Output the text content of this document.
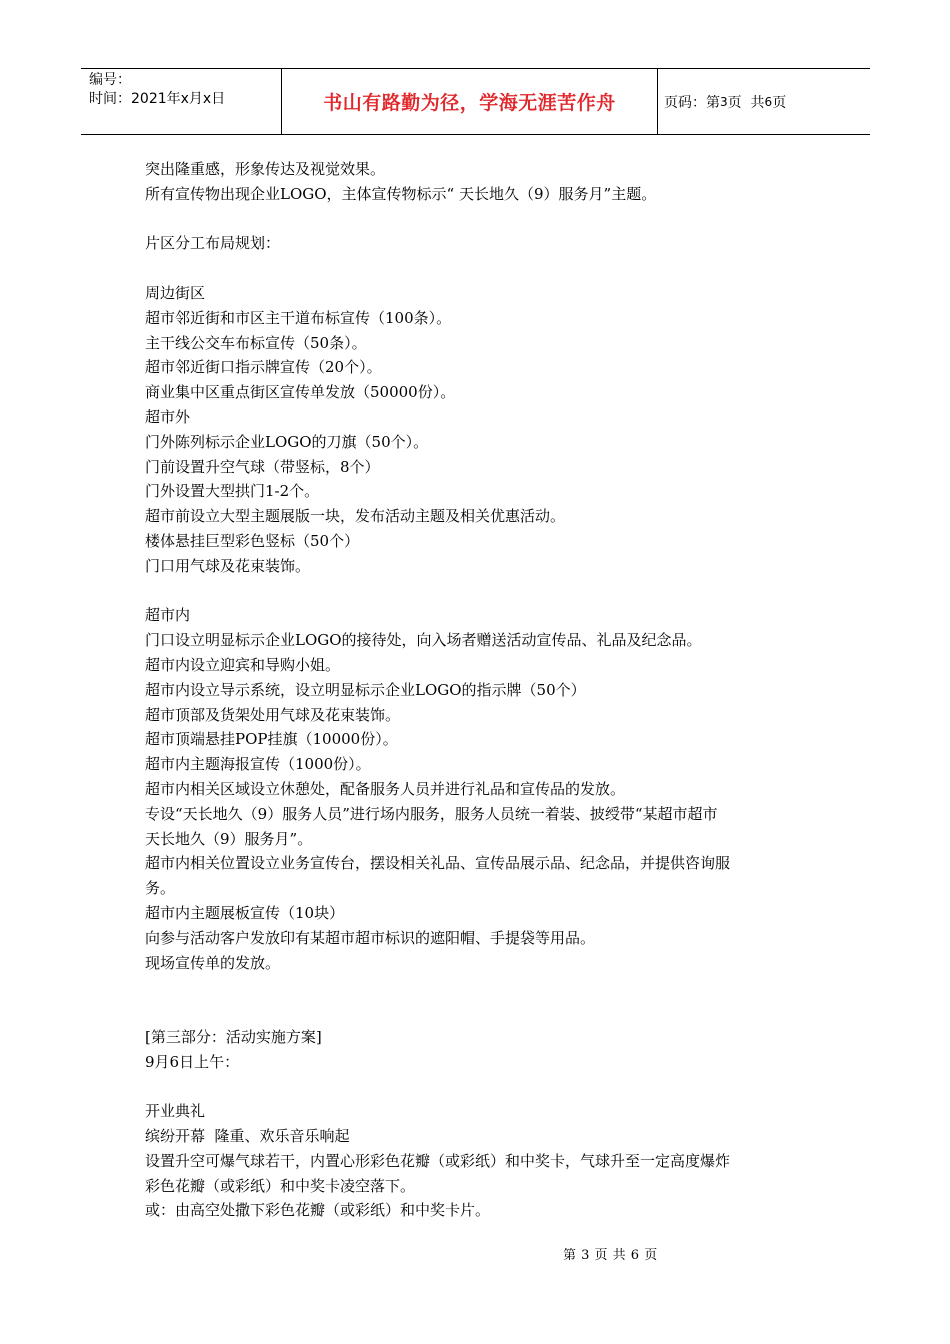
编号：
时间：2021年x月x日	书山有路勤为径，学海无涯苦作舟	页码：第 3 页  共 6 页
突出隆重感，形象传达及视觉效果。
所有宣传物出现企业LOGO，主体宣传物标示“ 天长地久（9）服务月”主题。
片区分工布局规划：
周边街区
超市邻近街和市区主干道布标宣传（100条）。
主干线公交车布标宣传（50条）。
超市邻近街口指示牌宣传（20个）。
商业集中区重点街区宣传单发放（50000份）。
超市外
门外陈列标示企业LOGO的刀旗（50个）。
门前设置升空气球（带竖标，8个）
门外设置大型拱门1-2个。
超市前设立大型主题展版一块，发布活动主题及相关优惠活动。
楼体悬挂巨型彩色竖标（50个）
门口用气球及花束装饰。
超市内
门口设立明显标示企业LOGO的接待处，向入场者赠送活动宣传品、礼品及纪念品。
超市内设立迎宾和导购小姐。
超市内设立导示系统，设立明显标示企业LOGO的指示牌（50个）
超市顶部及货架处用气球及花束装饰。
超市顶端悬挂POP挂旗（10000份）。
超市内主题海报宣传（1000份）。
超市内相关区域设立休憩处，配备服务人员并进行礼品和宣传品的发放。
专设“天长地久（9）服务人员”进行场内服务，服务人员统一着装、披绶带“某超市超市
天长地久（9）服务月”。
超市内相关位置设立业务宣传台，摆设相关礼品、宣传品展示品、纪念品，并提供咨询服
务。
超市内主题展板宣传（10块）
向参与活动客户发放印有某超市超市标识的遮阳帽、手提袋等用品。
现场宣传单的发放。
[第三部分：活动实施方案]
9月6日上午：
开业典礼
缤纷开幕  隆重、欢乐音乐响起
设置升空可爆气球若干，内置心形彩色花瓣（或彩纸）和中奖卡，气球升至一定高度爆炸
彩色花瓣（或彩纸）和中奖卡凌空落下。
或：由高空处撒下彩色花瓣（或彩纸）和中奖卡片。
第 3 页 共 6 页
